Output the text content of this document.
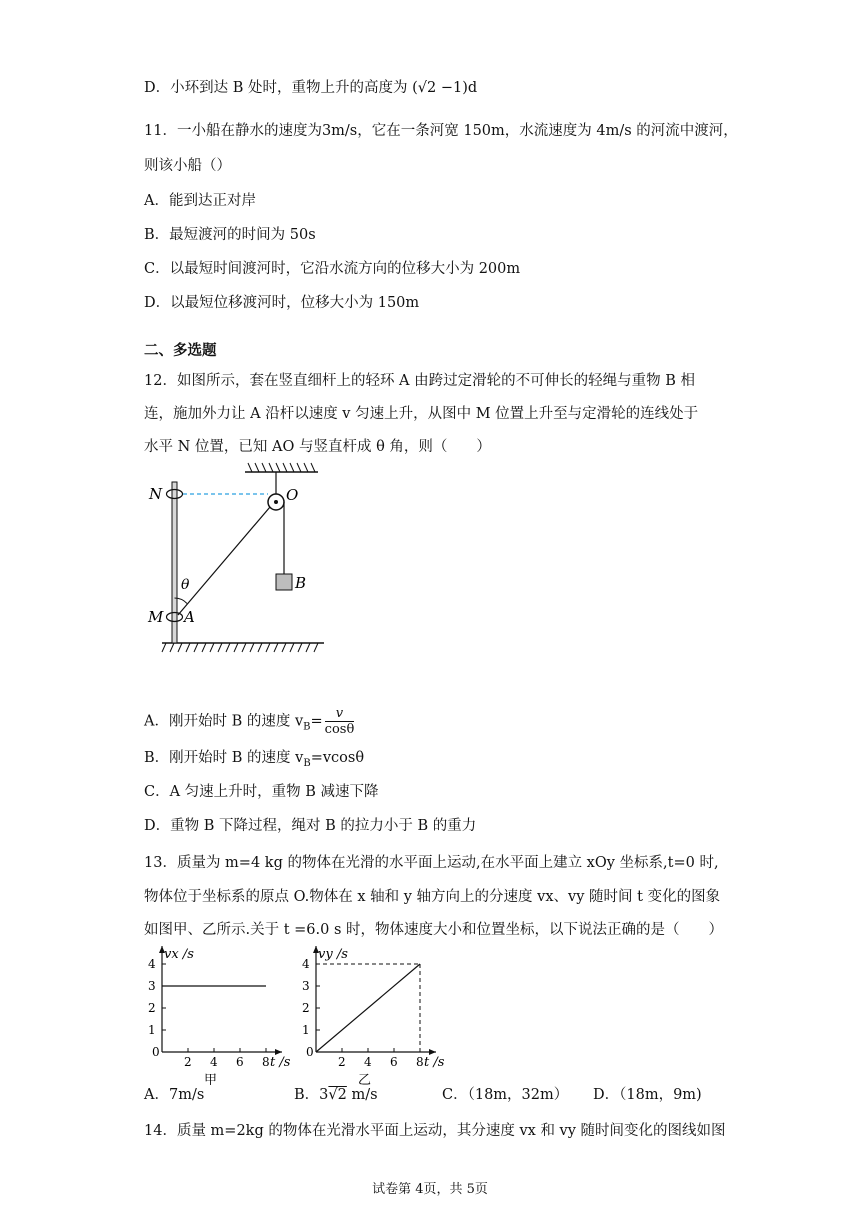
D．小环到达 B 处时，重物上升的高度为 (√2 −1)d
11．一小船在静水的速度为3m/s，它在一条河宽 150m，水流速度为 4m/s 的河流中渡河，
则该小船（）
A．能到达正对岸
B．最短渡河的时间为 50s
C．以最短时间渡河时，它沿水流方向的位移大小为 200m
D．以最短位移渡河时，位移大小为 150m
二、多选题
12．如图所示，套在竖直细杆上的轻环 A 由跨过定滑轮的不可伸长的轻绳与重物 B 相
连，施加外力让 A 沿杆以速度 v 匀速上升，从图中 M 位置上升至与定滑轮的连线处于
水平 N 位置，已知 AO 与竖直杆成 θ 角，则（　　）
N	O
B
θ
M A
A．刚开始时 B 的速度 $v_B= \frac{v}{\cos\theta}$
B．刚开始时 B 的速度 $v_B=vcos\theta$
C．A 匀速上升时，重物 B 减速下降
D．重物 B 下降过程，绳对 B 的拉力小于 B 的重力
13．质量为 m=4 kg 的物体在光滑的水平面上运动,在水平面上建立 xOy 坐标系,t=0 时,
物体位于坐标系的原点 O.物体在 x 轴和 y 轴方向上的分速度 vx、vy 随时间 t 变化的图象
如图甲、乙所示.关于 t =6.0 s 时，物体速度大小和位置坐标，以下说法正确的是（　　）
0
2 4 6 8
1
2
3
4
vx /s
t /s
甲
0
2 4 6 8
1
2
3
4
vy /s
t /s
乙
A．7m/s	B．3√2 m/s	C．（18m，32m） D．（18m，9m)
14．质量 m=2kg 的物体在光滑水平面上运动，其分速度 vx 和 vy 随时间变化的图线如图
试卷第 4页，共 5页
